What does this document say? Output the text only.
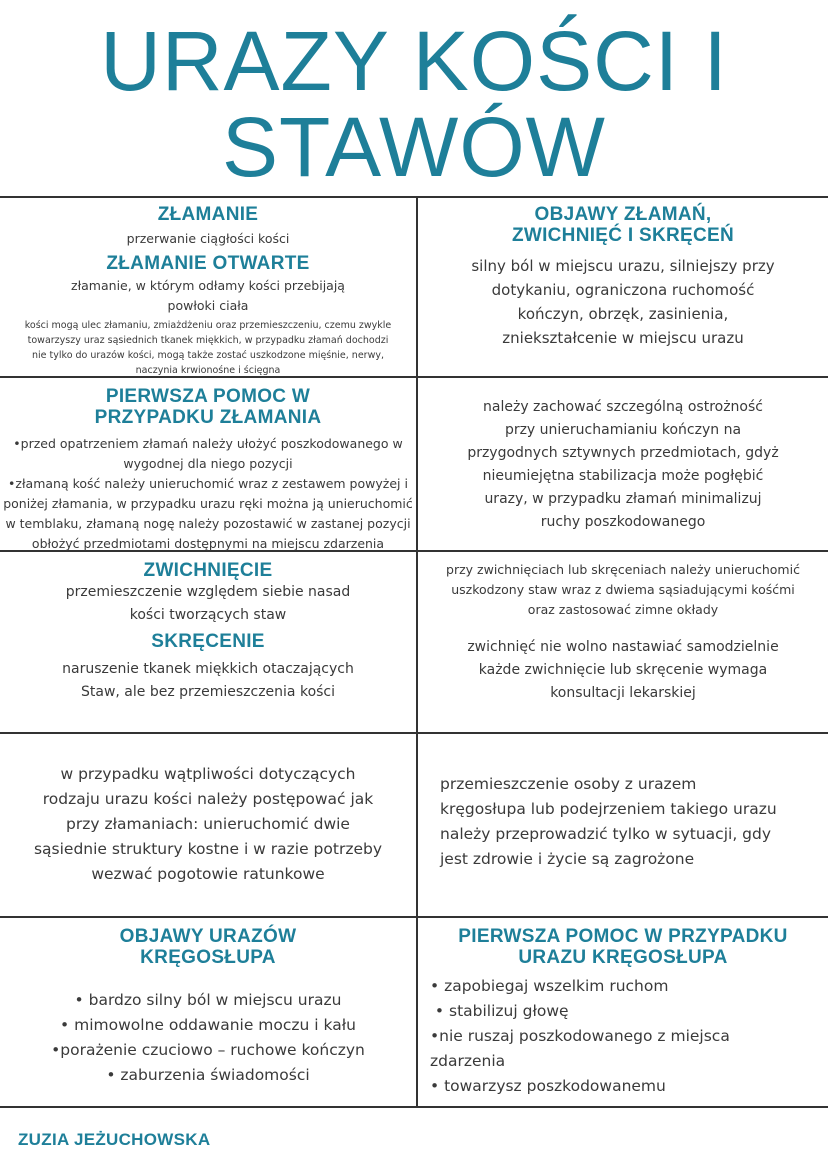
URAZY KOŚCI I
STAWÓW
ZŁAMANIE
przerwanie ciągłości kości
ZŁAMANIE OTWARTE
złamanie, w którym odłamy kości przebijają
powłoki ciała
kości mogą ulec złamaniu, zmiażdżeniu oraz przemieszczeniu, czemu zwykle
towarzyszy uraz sąsiednich tkanek miękkich, w przypadku złamań dochodzi
nie tylko do urazów kości, mogą także zostać uszkodzone mięśnie, nerwy,
naczynia krwionośne i ścięgna
OBJAWY ZŁAMAŃ,
ZWICHNIĘĆ I SKRĘCEŃ
silny ból w miejscu urazu, silniejszy przy
dotykaniu, ograniczona ruchomość
kończyn, obrzęk, zasinienia,
zniekształcenie w miejscu urazu
PIERWSZA POMOC W
PRZYPADKU ZŁAMANIA
•przed opatrzeniem złamań należy ułożyć poszkodowanego w
wygodnej dla niego pozycji
•złamaną kość należy unieruchomić wraz z zestawem powyżej i
poniżej złamania, w przypadku urazu ręki można ją unieruchomić
w temblaku, złamaną nogę należy pozostawić w zastanej pozycji
obłożyć przedmiotami dostępnymi na miejscu zdarzenia
należy zachować szczególną ostrożność
przy unieruchamianiu kończyn na
przygodnych sztywnych przedmiotach, gdyż
nieumiejętna stabilizacja może pogłębić
urazy, w przypadku złamań minimalizuj
ruchy poszkodowanego
ZWICHNIĘCIE
przemieszczenie względem siebie nasad
kości tworzących staw
SKRĘCENIE
naruszenie tkanek miękkich otaczających
Staw, ale bez przemieszczenia kości
przy zwichnięciach lub skręceniach należy unieruchomić
uszkodzony staw wraz z dwiema sąsiadującymi kośćmi
oraz zastosować zimne okłady
zwichnięć nie wolno nastawiać samodzielnie
każde zwichnięcie lub skręcenie wymaga
konsultacji lekarskiej
w przypadku wątpliwości dotyczących
rodzaju urazu kości należy postępować jak
przy złamaniach: unieruchomić dwie
sąsiednie struktury kostne i w razie potrzeby
wezwać pogotowie ratunkowe
przemieszczenie osoby z urazem
kręgosłupa lub podejrzeniem takiego urazu
należy przeprowadzić tylko w sytuacji, gdy
jest zdrowie i życie są zagrożone
OBJAWY URAZÓW
KRĘGOSŁUPA
• bardzo silny ból w miejscu urazu
• mimowolne oddawanie moczu i kału
•porażenie czuciowo – ruchowe kończyn
• zaburzenia świadomości
PIERWSZA POMOC W PRZYPADKU
URAZU KRĘGOSŁUPA
• zapobiegaj wszelkim ruchom
• stabilizuj głowę
•nie ruszaj poszkodowanego z miejsca
zdarzenia
• towarzysz poszkodowanemu
ZUZIA JEŻUCHOWSKA
